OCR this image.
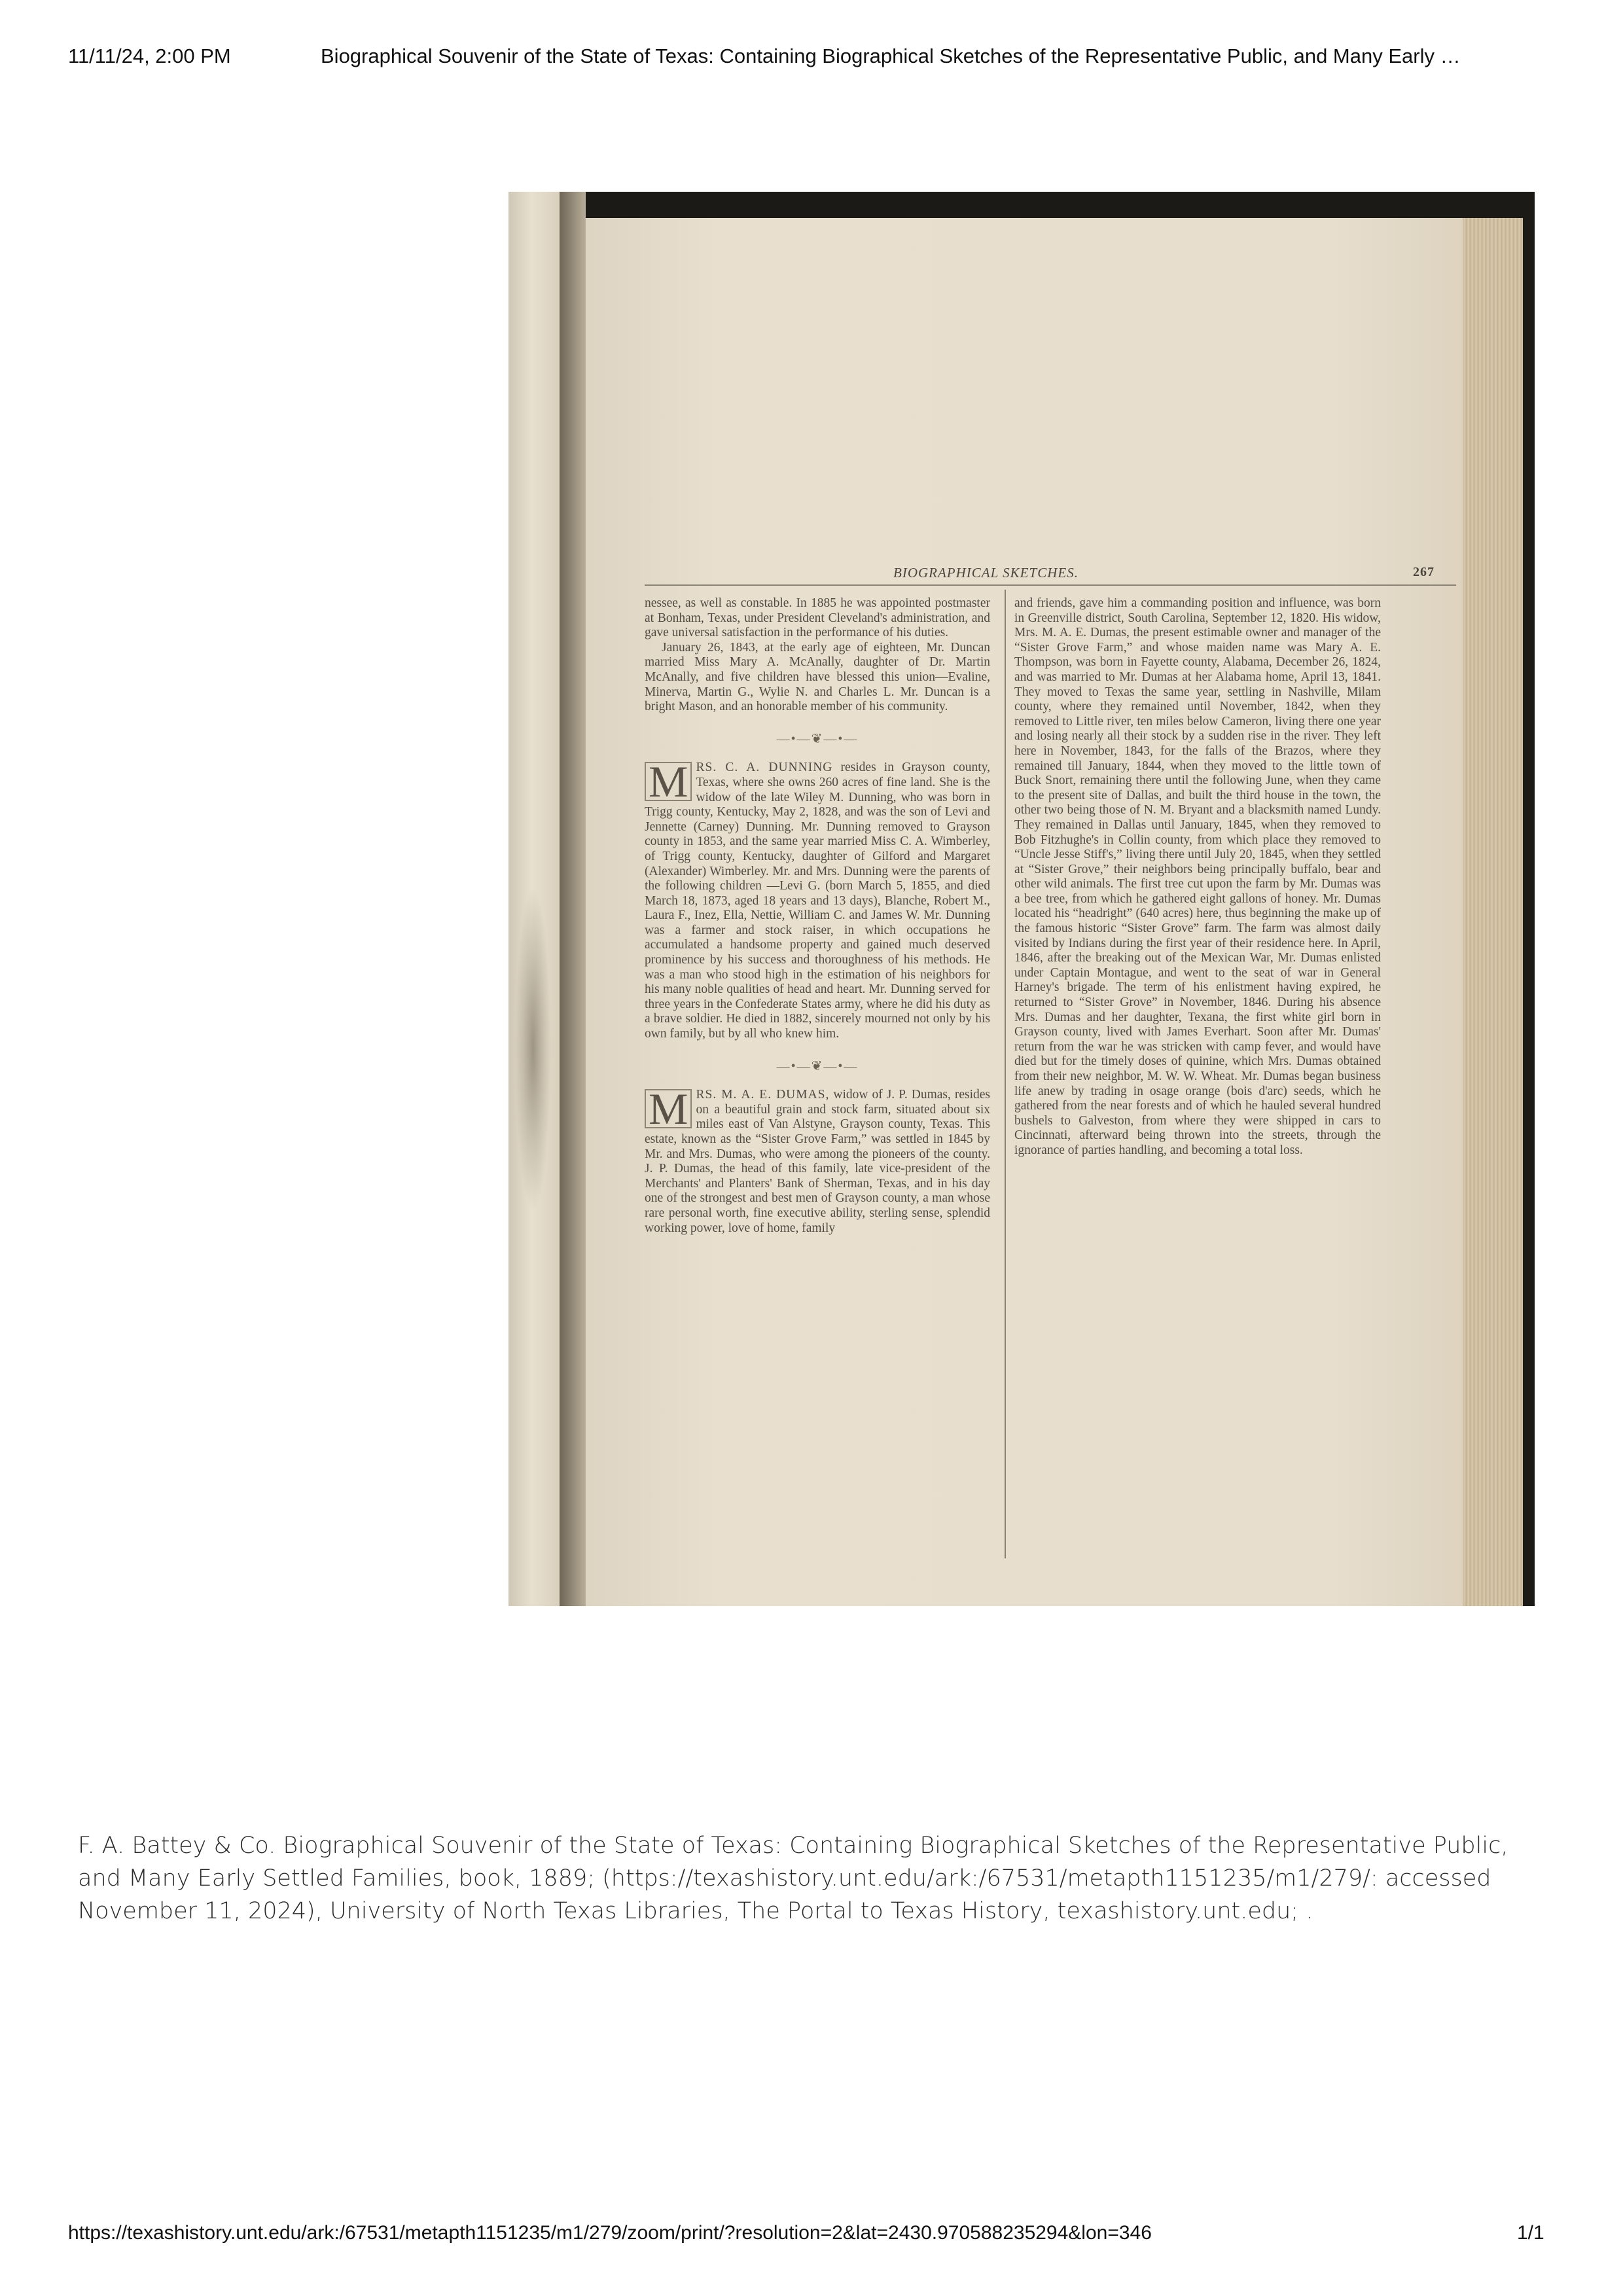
11/11/24, 2:00 PM	Biographical Souvenir of the State of Texas: Containing Biographical Sketches of the Representative Public, and Many Early …
BIOGRAPHICAL SKETCHES.	267

nessee, as well as constable. In 1885 he was appointed postmaster at Bonham, Texas, under President Cleveland's administration, and gave universal satisfaction in the performance of his duties.

January 26, 1843, at the early age of eighteen, Mr. Duncan married Miss Mary A. McAnally, daughter of Dr. Martin McAnally, and five children have blessed this union—Evaline, Minerva, Martin G., Wylie N. and Charles L. Mr. Duncan is a bright Mason, and an honorable member of his community.

—•—❦—•—

M RS. C. A. DUNNING resides in Grayson county, Texas, where she owns 260 acres of fine land. She is the widow of the late Wiley M. Dunning, who was born in Trigg county, Kentucky, May 2, 1828, and was the son of Levi and Jennette (Carney) Dunning. Mr. Dunning removed to Grayson county in 1853, and the same year married Miss C. A. Wimberley, of Trigg county, Kentucky, daughter of Gilford and Margaret (Alexander) Wimberley. Mr. and Mrs. Dunning were the parents of the following children —Levi G. (born March 5, 1855, and died March 18, 1873, aged 18 years and 13 days), Blanche, Robert M., Laura F., Inez, Ella, Nettie, William C. and James W. Mr. Dunning was a farmer and stock raiser, in which occupations he accumulated a handsome property and gained much deserved prominence by his success and thoroughness of his methods. He was a man who stood high in the estimation of his neighbors for his many noble qualities of head and heart. Mr. Dunning served for three years in the Confederate States army, where he did his duty as a brave soldier. He died in 1882, sincerely mourned not only by his own family, but by all who knew him.

—•—❦—•—

M RS. M. A. E. DUMAS, widow of J. P. Dumas, resides on a beautiful grain and stock farm, situated about six miles east of Van Alstyne, Grayson county, Texas. This estate, known as the “Sister Grove Farm,” was settled in 1845 by Mr. and Mrs. Dumas, who were among the pioneers of the county. J. P. Dumas, the head of this family, late vice-president of the Merchants' and Planters' Bank of Sherman, Texas, and in his day one of the strongest and best men of Grayson county, a man whose rare personal worth, fine executive ability, sterling sense, splendid working power, love of home, family

and friends, gave him a commanding position and influence, was born in Greenville district, South Carolina, September 12, 1820. His widow, Mrs. M. A. E. Dumas, the present estimable owner and manager of the “Sister Grove Farm,” and whose maiden name was Mary A. E. Thompson, was born in Fayette county, Alabama, December 26, 1824, and was married to Mr. Dumas at her Alabama home, April 13, 1841. They moved to Texas the same year, settling in Nashville, Milam county, where they remained until November, 1842, when they removed to Little river, ten miles below Cameron, living there one year and losing nearly all their stock by a sudden rise in the river. They left here in November, 1843, for the falls of the Brazos, where they remained till January, 1844, when they moved to the little town of Buck Snort, remaining there until the following June, when they came to the present site of Dallas, and built the third house in the town, the other two being those of N. M. Bryant and a blacksmith named Lundy. They remained in Dallas until January, 1845, when they removed to Bob Fitzhughe's in Collin county, from which place they removed to “Uncle Jesse Stiff's,” living there until July 20, 1845, when they settled at “Sister Grove,” their neighbors being principally buffalo, bear and other wild animals. The first tree cut upon the farm by Mr. Dumas was a bee tree, from which he gathered eight gallons of honey. Mr. Dumas located his “headright” (640 acres) here, thus beginning the make up of the famous historic “Sister Grove” farm. The farm was almost daily visited by Indians during the first year of their residence here. In April, 1846, after the breaking out of the Mexican War, Mr. Dumas enlisted under Captain Montague, and went to the seat of war in General Harney's brigade. The term of his enlistment having expired, he returned to “Sister Grove” in November, 1846. During his absence Mrs. Dumas and her daughter, Texana, the first white girl born in Grayson county, lived with James Everhart. Soon after Mr. Dumas' return from the war he was stricken with camp fever, and would have died but for the timely doses of quinine, which Mrs. Dumas obtained from their new neighbor, M. W. W. Wheat. Mr. Dumas began business life anew by trading in osage orange (bois d'arc) seeds, which he gathered from the near forests and of which he hauled several hundred bushels to Galveston, from where they were shipped in cars to Cincinnati, afterward being thrown into the streets, through the ignorance of parties handling, and becoming a total loss.

F. A. Battey & Co. Biographical Souvenir of the State of Texas: Containing Biographical Sketches of the Representative Public, and Many Early Settled Families, book, 1889; (https://texashistory.unt.edu/ark:/67531/metapth1151235/m1/279/: accessed November 11, 2024), University of North Texas Libraries, The Portal to Texas History, texashistory.unt.edu; .
https://texashistory.unt.edu/ark:/67531/metapth1151235/m1/279/zoom/print/?resolution=2&lat=2430.970588235294&lon=346	1/1
